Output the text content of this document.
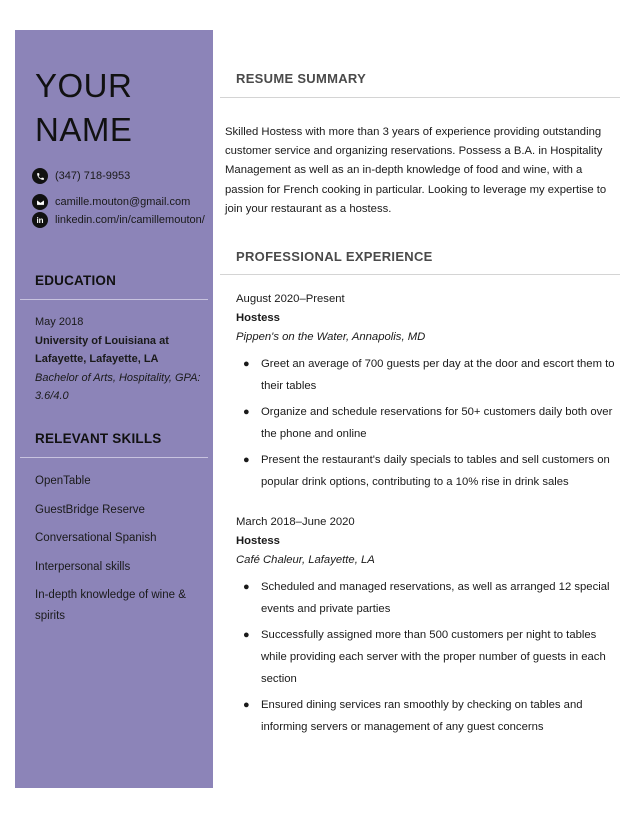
YOUR
NAME
(347) 718-9953
camille.mouton@gmail.com
in	linkedin.com/in/camillemouton/
EDUCATION
May 2018
University of Louisiana at Lafayette, Lafayette, LA
Bachelor of Arts, Hospitality, GPA: 3.6/4.0
RELEVANT SKILLS
OpenTable
GuestBridge Reserve
Conversational Spanish
Interpersonal skills
In-depth knowledge of wine & spirits
RESUME SUMMARY

Skilled Hostess with more than 3 years of experience providing outstanding customer service and organizing reservations. Possess a B.A. in Hospitality Management as well as an in-depth knowledge of food and wine, with a passion for French cooking in particular. Looking to leverage my expertise to join your restaurant as a hostess.

PROFESSIONAL EXPERIENCE
August 2020–Present
Hostess
Pippen's on the Water, Annapolis, MD
● Greet an average of 700 guests per day at the door and escort them to their tables
● Organize and schedule reservations for 50+ customers daily both over the phone and online
● Present the restaurant's daily specials to tables and sell customers on popular drink options, contributing to a 10% rise in drink sales
March 2018–June 2020
Hostess
Café Chaleur, Lafayette, LA
● Scheduled and managed reservations, as well as arranged 12 special events and private parties
● Successfully assigned more than 500 customers per night to tables while providing each server with the proper number of guests in each section
● Ensured dining services ran smoothly by checking on tables and informing servers or management of any guest concerns
